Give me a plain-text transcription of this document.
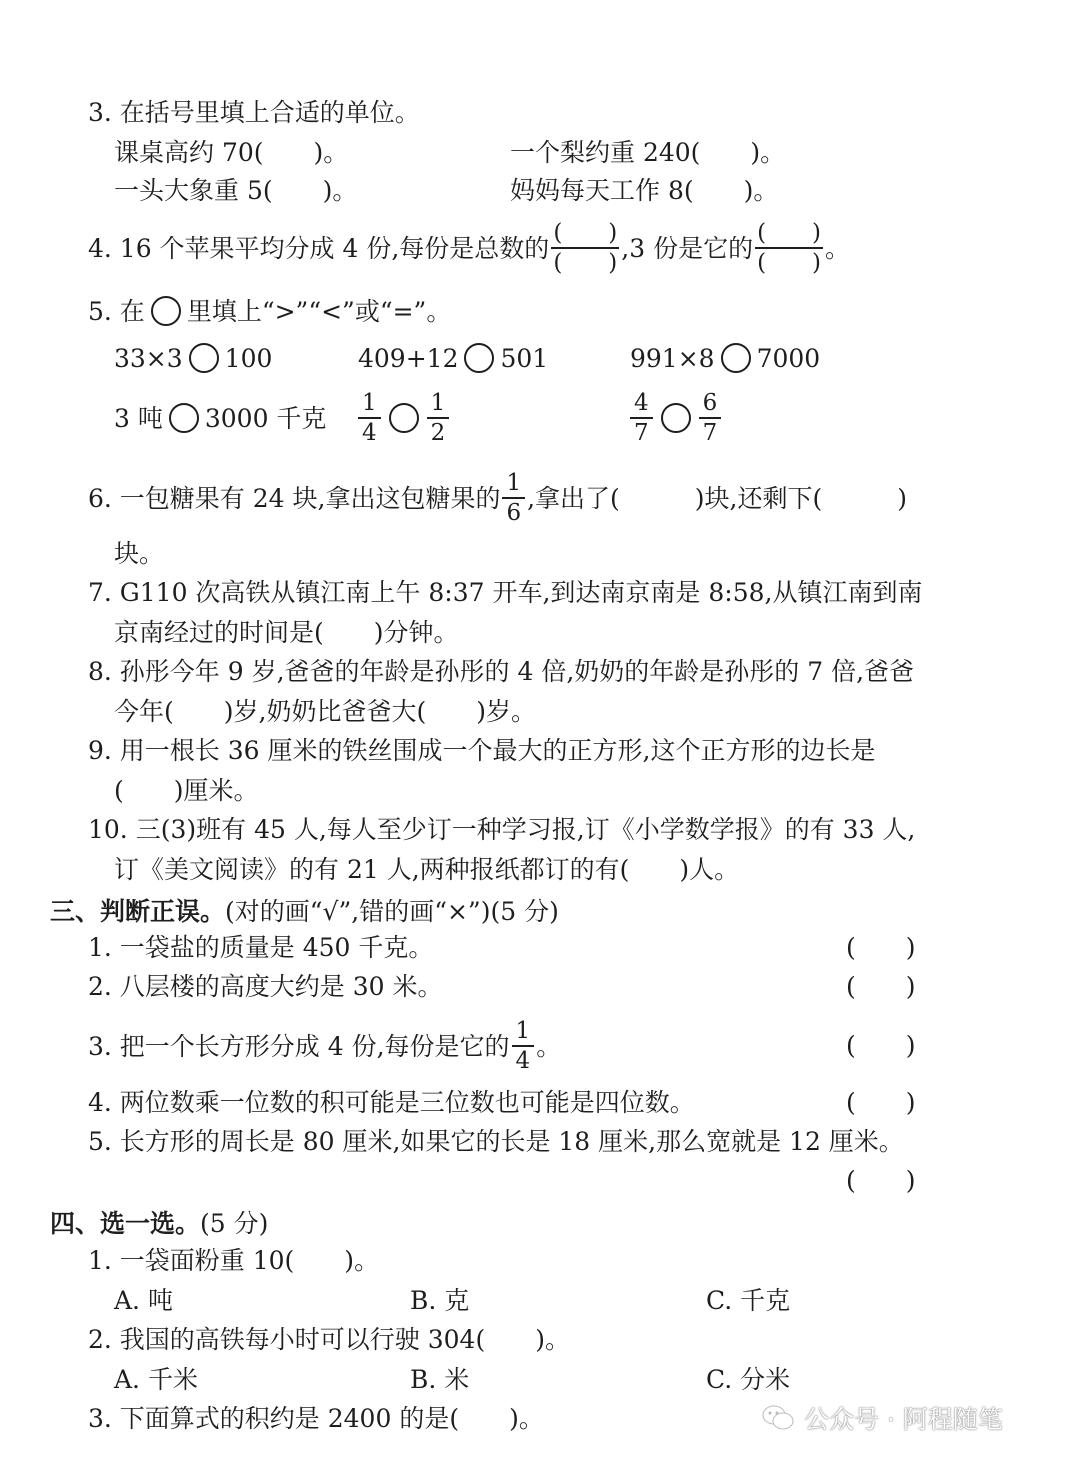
3. 在括号里填上合适的单位。
课桌高约 70(　　)。	一个梨约重 240(　　)。
一头大象重 5(　　)。	妈妈每天工作 8(　　)。
4. 16 个苹果平均分成 4 份,每份是总数的 $\frac{( )}{( )} ,3$ 份是它的 $\frac{( )}{( )}$ 。
5. 在 里填上“>”“<”或“=”。
33×3 100	409+12 501	991×8 7000
3 吨 3000 千克 $\frac{1}{4} \frac{1}{2}$	$\frac{4}{7} \frac{6}{7}$
6. 一包糖果有 24 块,拿出这包糖果的 $\frac{1}{6}$ ,拿出了(　　　)块,还剩下(　　　)
块。
7. G110 次高铁从镇江南上午 8:37 开车,到达南京南是 8:58,从镇江南到南
京南经过的时间是(　　)分钟。
8. 孙彤今年 9 岁,爸爸的年龄是孙彤的 4 倍,奶奶的年龄是孙彤的 7 倍,爸爸
今年(　　)岁,奶奶比爸爸大(　　)岁。
9. 用一根长 36 厘米的铁丝围成一个最大的正方形,这个正方形的边长是
(　　)厘米。
10. 三(3)班有 45 人,每人至少订一种学习报,订《小学数学报》的有 33 人,
订《美文阅读》的有 21 人,两种报纸都订的有(　　)人。
三、判断正误。 (对的画“√”,错的画“×”)(5 分)
1. 一袋盐的质量是 450 千克。	(　　)
2. 八层楼的高度大约是 30 米。	(　　)
3. 把一个长方形分成 4 份,每份是它的 $\frac{1}{4}$ 。	(　　)
4. 两位数乘一位数的积可能是三位数也可能是四位数。	(　　)
5. 长方形的周长是 80 厘米,如果它的长是 18 厘米,那么宽就是 12 厘米。
(　　)
四、选一选。 (5 分)
1. 一袋面粉重 10(　　)。
A. 吨	B. 克	C. 千克
2. 我国的高铁每小时可以行驶 304(　　)。
A. 千米	B. 米	C. 分米
3. 下面算式的积约是 2400 的是(　　)。	公众号 · 阿程随笔
